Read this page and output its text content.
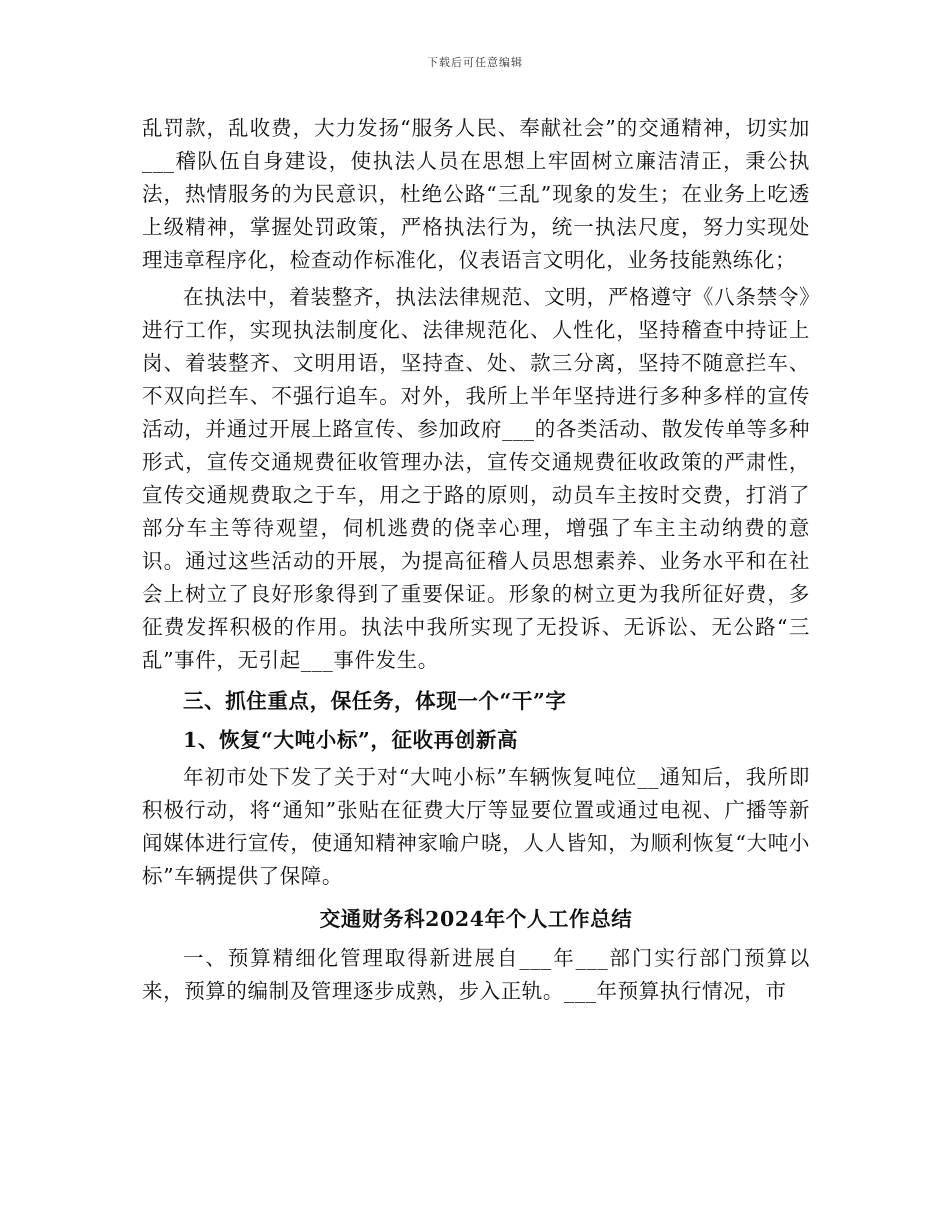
下载后可任意编辑

乱罚款，乱收费，大力发扬“服务人民、奉献社会”的交通精神，切实加___稽队伍自身建设，使执法人员在思想上牢固树立廉洁清正，秉公执法，热情服务的为民意识，杜绝公路“三乱”现象的发生；在业务上吃透上级精神，掌握处罚政策，严格执法行为，统一执法尺度，努力实现处理违章程序化，检查动作标准化，仪表语言文明化，业务技能熟练化；

在执法中，着装整齐，执法法律规范、文明，严格遵守《八条禁令》进行工作，实现执法制度化、法律规范化、人性化，坚持稽查中持证上岗、着装整齐、文明用语，坚持查、处、款三分离，坚持不随意拦车、不双向拦车、不强行追车。对外，我所上半年坚持进行多种多样的宣传活动，并通过开展上路宣传、参加政府___的各类活动、散发传单等多种形式，宣传交通规费征收管理办法，宣传交通规费征收政策的严肃性，宣传交通规费取之于车，用之于路的原则，动员车主按时交费，打消了部分车主等待观望，伺机逃费的侥幸心理，增强了车主主动纳费的意识。通过这些活动的开展，为提高征稽人员思想素养、业务水平和在社会上树立了良好形象得到了重要保证。形象的树立更为我所征好费，多征费发挥积极的作用。执法中我所实现了无投诉、无诉讼、无公路“三乱”事件，无引起___事件发生。

三、抓住重点，保任务，体现一个“干”字

1、恢复“大吨小标”，征收再创新高

年初市处下发了关于对“大吨小标”车辆恢复吨位__通知后，我所即积极行动，将“通知”张贴在征费大厅等显要位置或通过电视、广播等新闻媒体进行宣传，使通知精神家喻户晓，人人皆知，为顺利恢复“大吨小标”车辆提供了保障。

交通财务科2024年个人工作总结

一、预算精细化管理取得新进展自___年___部门实行部门预算以来，预算的编制及管理逐步成熟，步入正轨。___年预算执行情况，市
